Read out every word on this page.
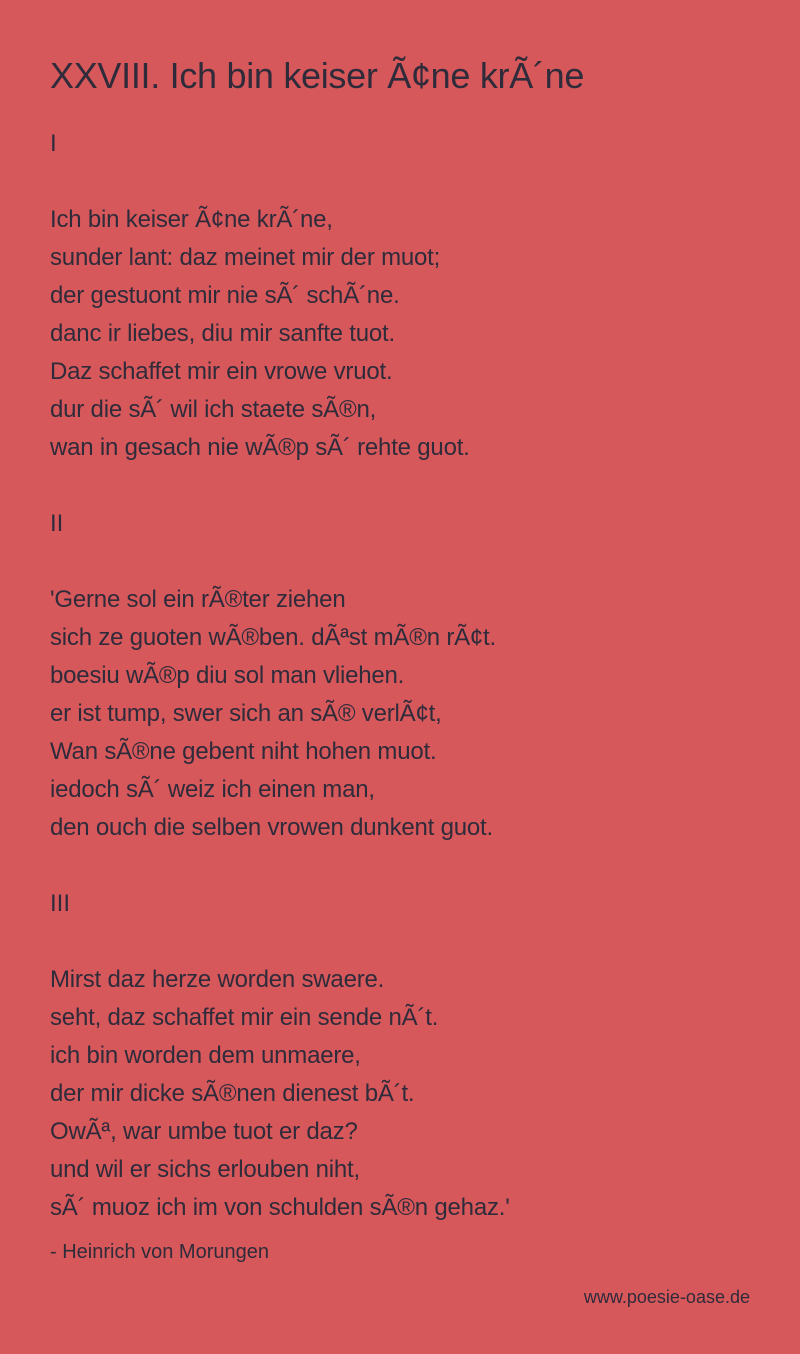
XXVIII. Ich bin keiser Ã¢ne krÃ´ne

I

Ich bin keiser Ã¢ne krÃ´ne,
sunder lant: daz meinet mir der muot;
der gestuont mir nie sÃ´ schÃ´ne.
danc ir liebes, diu mir sanfte tuot.
Daz schaffet mir ein vrowe vruot.
dur die sÃ´ wil ich staete sÃ®n,
wan in gesach nie wÃ®p sÃ´ rehte guot.

II

'Gerne sol ein rÃ®ter ziehen
sich ze guoten wÃ®ben. dÃªst mÃ®n rÃ¢t.
boesiu wÃ®p diu sol man vliehen.
er ist tump, swer sich an sÃ® verlÃ¢t,
Wan sÃ®ne gebent niht hohen muot.
iedoch sÃ´ weiz ich einen man,
den ouch die selben vrowen dunkent guot.

III

Mirst daz herze worden swaere.
seht, daz schaffet mir ein sende nÃ´t.
ich bin worden dem unmaere,
der mir dicke sÃ®nen dienest bÃ´t.
OwÃª, war umbe tuot er daz?
und wil er sichs erlouben niht,
sÃ´ muoz ich im von schulden sÃ®n gehaz.'
- Heinrich von Morungen
www.poesie-oase.de
